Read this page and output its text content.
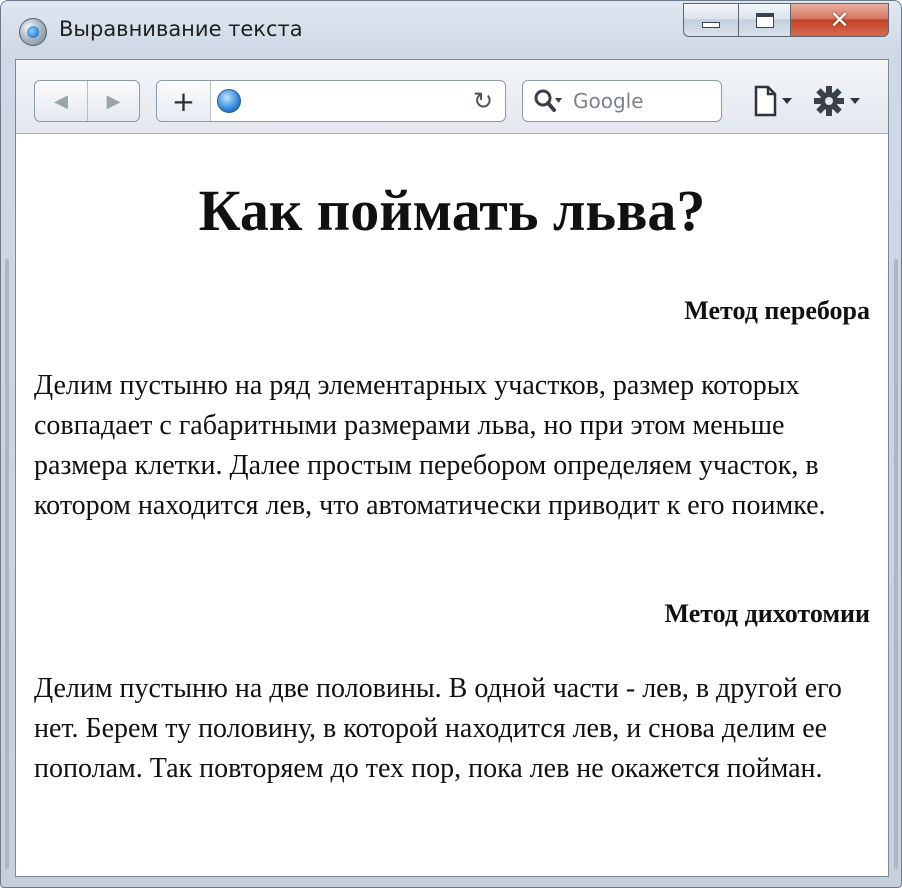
Выравнивание текста	✕
◀ ▶ +	↻
Google
Как поймать льва?
Метод перебора

Делим пустыню на ряд элементарных участков, размер которых совпадает с габаритными размерами льва, но при этом меньше размера клетки. Далее простым перебором определяем участок, в котором находится лев, что автоматически приводит к его поимке.

Метод дихотомии

Делим пустыню на две половины. В одной части - лев, в другой его нет. Берем ту половину, в которой находится лев, и снова делим ее пополам. Так повторяем до тех пор, пока лев не окажется пойман.
